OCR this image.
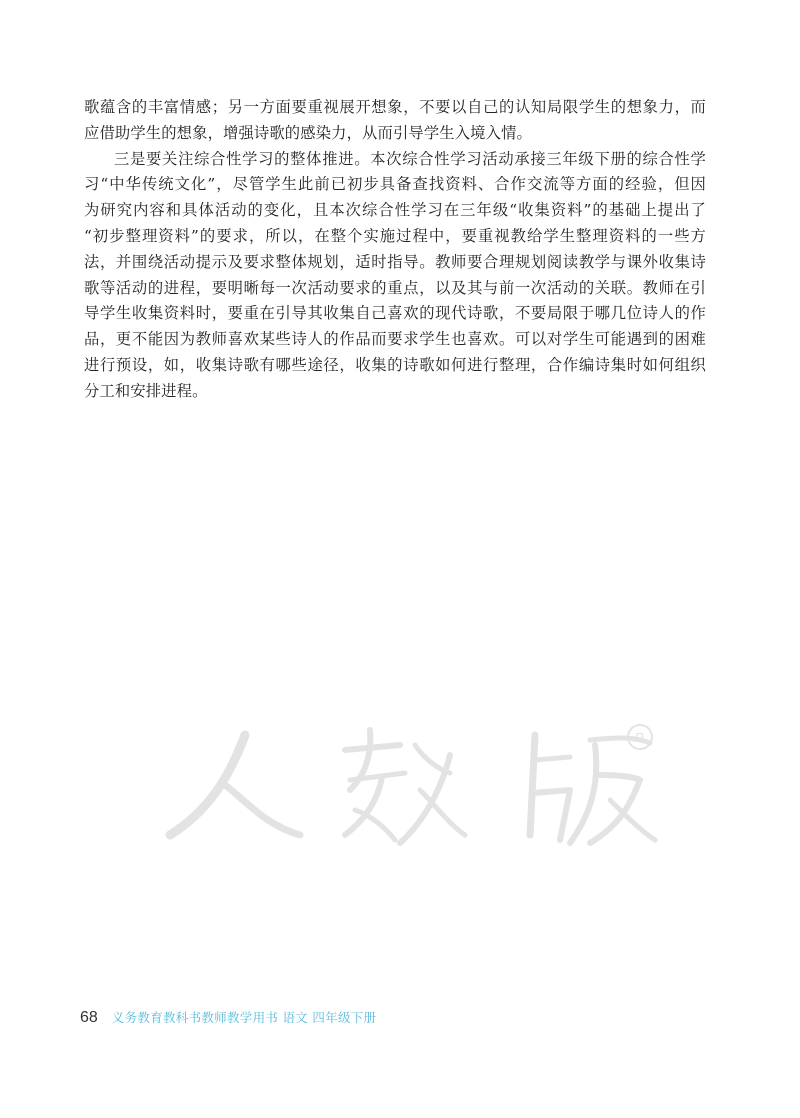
歌蕴含的丰富情感；另一方面要重视展开想象，不要以自己的认知局限学生的想象力，而
应借助学生的想象，增强诗歌的感染力，从而引导学生入境入情。
三是要关注综合性学习的整体推进。本次综合性学习活动承接三年级下册的综合性学
习“中华传统文化”，尽管学生此前已初步具备查找资料、合作交流等方面的经验，但因
为研究内容和具体活动的变化，且本次综合性学习在三年级“收集资料”的基础上提出了
“初步整理资料”的要求，所以，在整个实施过程中，要重视教给学生整理资料的一些方
法，并围绕活动提示及要求整体规划，适时指导。教师要合理规划阅读教学与课外收集诗
歌等活动的进程，要明晰每一次活动要求的重点，以及其与前一次活动的关联。教师在引
导学生收集资料时，要重在引导其收集自己喜欢的现代诗歌，不要局限于哪几位诗人的作
品，更不能因为教师喜欢某些诗人的作品而要求学生也喜欢。可以对学生可能遇到的困难
进行预设，如，收集诗歌有哪些途径，收集的诗歌如何进行整理，合作编诗集时如何组织
分工和安排进程。
R
68 义务教育教科书教师教学用书 语文 四年级下册
